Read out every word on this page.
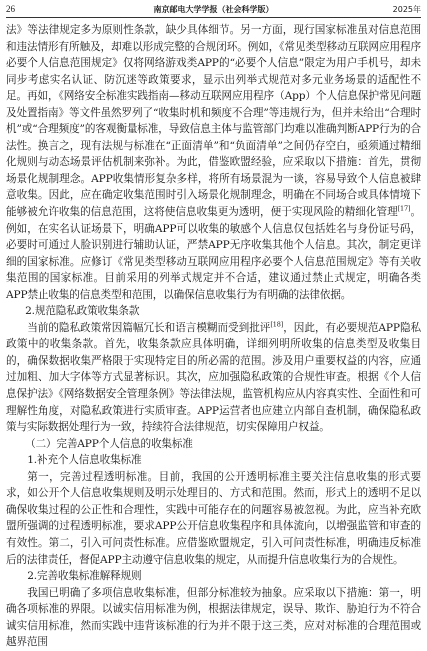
26	南京邮电大学学报（社会科学版）	2025年

法》等法律规定多为原则性条款，缺少具体细节。另一方面，现行国家标准虽对信息范围和违法情形有所触及，却难以形成完整的合规闭环。例如，《常见类型移动互联网应用程序必要个人信息范围规定》仅将网络游戏类APP的“必要个人信息”限定为用户手机号，却未同步考虑实名认证、防沉迷等政策要求，显示出列举式规范对多元业务场景的适配性不足。再如，《网络安全标准实践指南—移动互联网应用程序（App）个人信息保护常见问题及处置指南》等文件虽然罗列了“收集时机和频度不合理”等违规行为，但并未给出“合理时机”或“合理频度”的客观衡量标准，导致信息主体与监管部门均难以准确判断APP行为的合法性。换言之，现有法规与标准在“正面清单”和“负面清单”之间仍存空白，亟须通过精细化规则与动态场景评估机制来弥补。为此，借鉴欧盟经验，应采取以下措施：首先，贯彻场景化规制理念。APP收集情形复杂多样，将所有场景混为一谈，容易导致个人信息被肆意收集。因此，应在确定收集范围时引入场景化规制理念，明确在不同场合或具体情境下能够被允许收集的信息范围，这将使信息收集更为透明，便于实现风险的精细化管理[17]。例如，在实名认证场景下，明确APP可以收集的敏感个人信息仅包括姓名与身份证号码，必要时可通过人脸识别进行辅助认证，严禁APP无序收集其他个人信息。其次，制定更详细的国家标准。应修订《常见类型移动互联网应用程序必要个人信息范围规定》等有关收集范围的国家标准。目前采用的列举式规定并不合适，建议通过禁止式规定，明确各类APP禁止收集的信息类型和范围，以确保信息收集行为有明确的法律依据。

2.规范隐私政策收集条款

当前的隐私政策常因篇幅冗长和语言模糊而受到批评[18]，因此，有必要规范APP隐私政策中的收集条款。首先，收集条款应具体明确，详细列明所收集的信息类型及收集目的，确保数据收集严格限于实现特定目的所必需的范围。涉及用户重要权益的内容，应通过加粗、加大字体等方式显著标识。其次，应加强隐私政策的合规性审查。根据《个人信息保护法》《网络数据安全管理条例》等法律法规，监管机构应从内容真实性、全面性和可理解性角度，对隐私政策进行实质审查。APP运营者也应建立内部自查机制，确保隐私政策与实际数据处理行为一致，持续符合法律规范，切实保障用户权益。

（二）完善APP个人信息的收集标准

1.补充个人信息收集标准

第一，完善过程透明标准。目前，我国的公开透明标准主要关注信息收集的形式要求，如公开个人信息收集规则及明示处理目的、方式和范围。然而，形式上的透明不足以确保收集过程的公正性和合理性，实践中可能存在的问题容易被忽视。为此，应当补充欧盟所强调的过程透明标准，要求APP公开信息收集程序和具体流向，以增强监管和审查的有效性。第二，引入可问责性标准。应借鉴欧盟规定，引入可问责性标准，明确违反标准后的法律责任，督促APP主动遵守信息收集的规定，从而提升信息收集行为的合规性。

2.完善收集标准解释规则

我国已明确了多项信息收集标准，但部分标准较为抽象。应采取以下措施：第一，明确各项标准的界限。以诚实信用标准为例，根据法律规定，误导、欺诈、胁迫行为不符合诚实信用标准，然而实践中违背该标准的行为并不限于这三类，应对对标准的合理范围或越界范围
